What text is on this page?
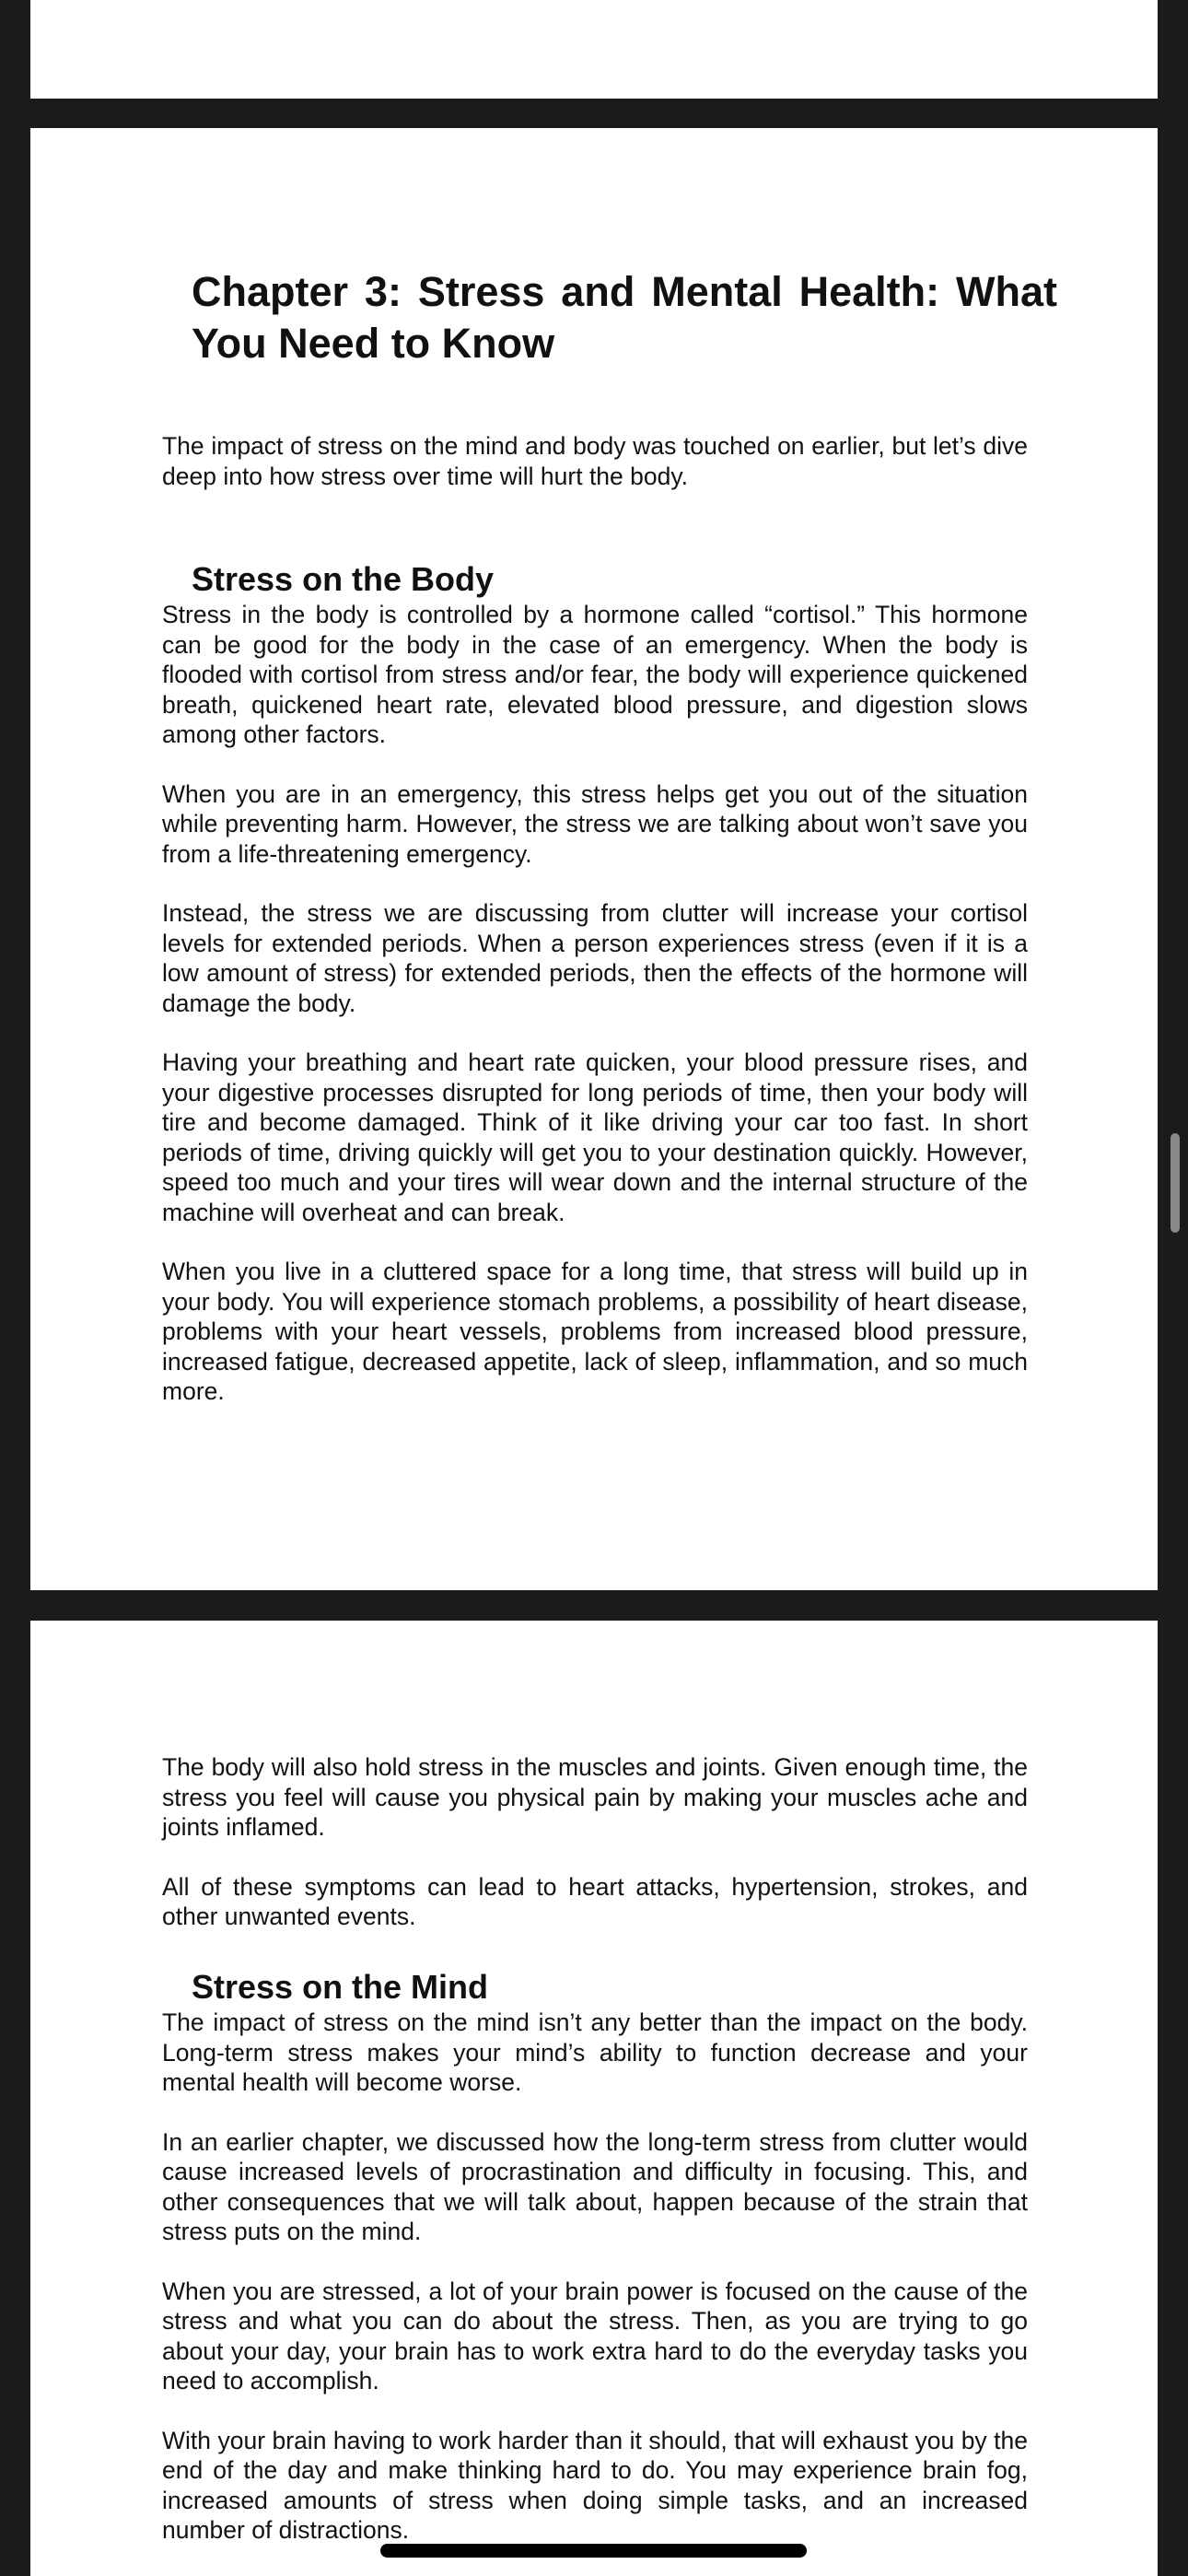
Chapter 3: Stress and Mental Health: What You Need to Know

The impact of stress on the mind and body was touched on earlier, but let’s dive deep into how stress over time will hurt the body.

Stress on the Body

Stress in the body is controlled by a hormone called “cortisol.” This hormone can be good for the body in the case of an emergency. When the body is flooded with cortisol from stress and/or fear, the body will experience quickened breath, quickened heart rate, elevated blood pressure, and digestion slows among other factors.

When you are in an emergency, this stress helps get you out of the situation while preventing harm. However, the stress we are talking about won’t save you from a life-threatening emergency.

Instead, the stress we are discussing from clutter will increase your cortisol levels for extended periods. When a person experiences stress (even if it is a low amount of stress) for extended periods, then the effects of the hormone will damage the body.

Having your breathing and heart rate quicken, your blood pressure rises, and your digestive processes disrupted for long periods of time, then your body will tire and become damaged. Think of it like driving your car too fast. In short periods of time, driving quickly will get you to your destination quickly. However, speed too much and your tires will wear down and the internal structure of the machine will overheat and can break.

When you live in a cluttered space for a long time, that stress will build up in your body. You will experience stomach problems, a possibility of heart disease, problems with your heart vessels, problems from increased blood pressure, increased fatigue, decreased appetite, lack of sleep, inflammation, and so much more.

The body will also hold stress in the muscles and joints. Given enough time, the stress you feel will cause you physical pain by making your muscles ache and joints inflamed.

All of these symptoms can lead to heart attacks, hypertension, strokes, and other unwanted events.

Stress on the Mind

The impact of stress on the mind isn’t any better than the impact on the body. Long-term stress makes your mind’s ability to function decrease and your mental health will become worse.

In an earlier chapter, we discussed how the long-term stress from clutter would cause increased levels of procrastination and difficulty in focusing. This, and other consequences that we will talk about, happen because of the strain that stress puts on the mind.

When you are stressed, a lot of your brain power is focused on the cause of the stress and what you can do about the stress. Then, as you are trying to go about your day, your brain has to work extra hard to do the everyday tasks you need to accomplish.

With your brain having to work harder than it should, that will exhaust you by the end of the day and make thinking hard to do. You may experience brain fog, increased amounts of stress when doing simple tasks, and an increased number of distractions.
